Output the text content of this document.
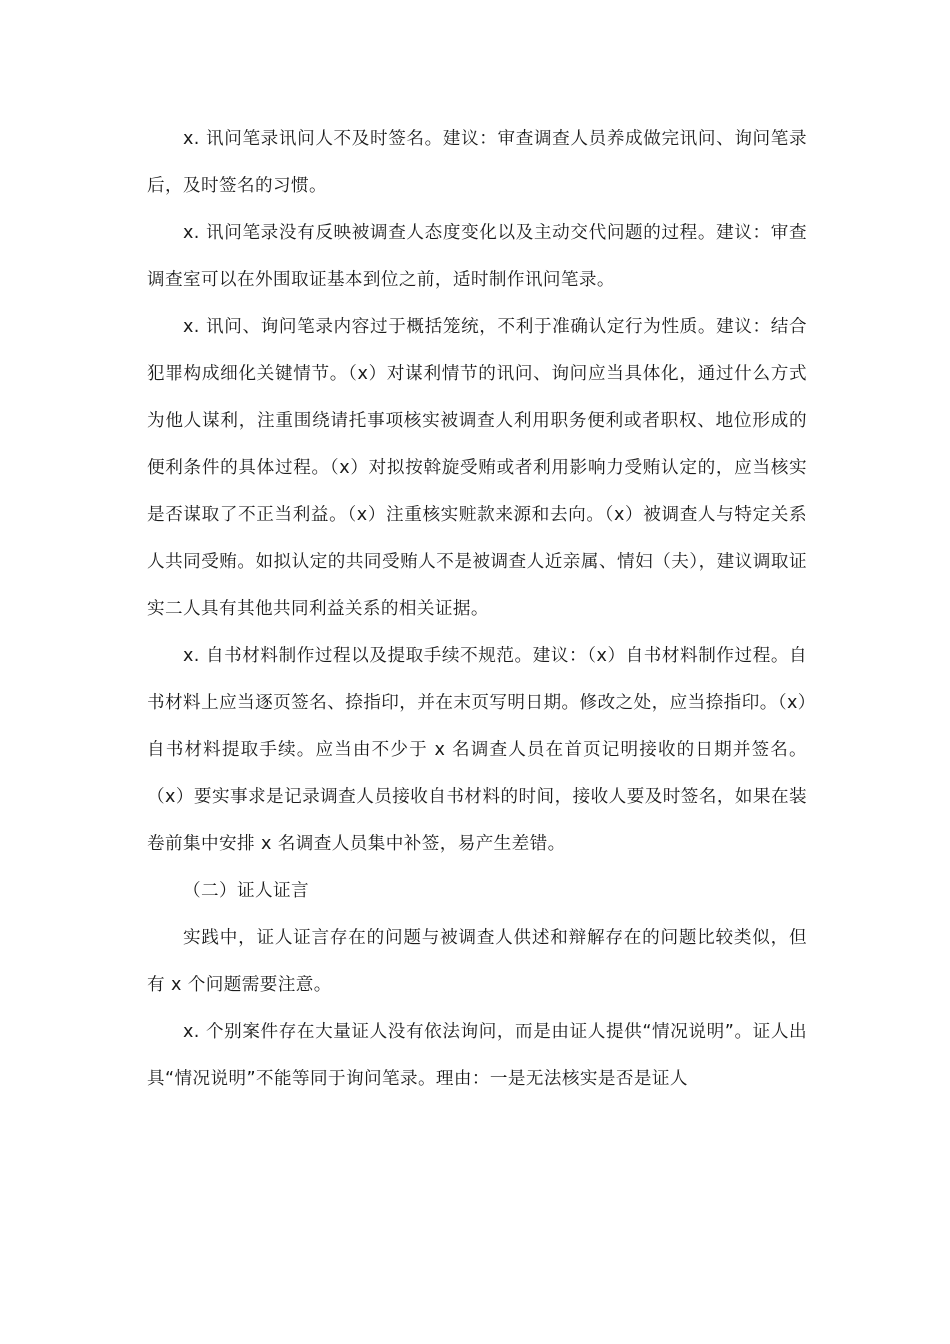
x. 讯问笔录讯问人不及时签名。建议：审查调查人员养成做完讯问、询问笔录后，及时签名的习惯。

x. 讯问笔录没有反映被调查人态度变化以及主动交代问题的过程。建议：审查调查室可以在外围取证基本到位之前，适时制作讯问笔录。

x. 讯问、询问笔录内容过于概括笼统，不利于准确认定行为性质。建议：结合犯罪构成细化关键情节。（x）对谋利情节的讯问、询问应当具体化，通过什么方式为他人谋利，注重围绕请托事项核实被调查人利用职务便利或者职权、地位形成的便利条件的具体过程。（x）对拟按斡旋受贿或者利用影响力受贿认定的，应当核实是否谋取了不正当利益。（x）注重核实赃款来源和去向。（x）被调查人与特定关系人共同受贿。如拟认定的共同受贿人不是被调查人近亲属、情妇（夫），建议调取证实二人具有其他共同利益关系的相关证据。

x. 自书材料制作过程以及提取手续不规范。建议：（x）自书材料制作过程。自书材料上应当逐页签名、捺指印，并在末页写明日期。修改之处，应当捺指印。（x）自书材料提取手续。应当由不少于 x 名调查人员在首页记明接收的日期并签名。（x）要实事求是记录调查人员接收自书材料的时间，接收人要及时签名，如果在装卷前集中安排 x 名调查人员集中补签，易产生差错。

（二）证人证言

实践中，证人证言存在的问题与被调查人供述和辩解存在的问题比较类似，但有 x 个问题需要注意。

x. 个别案件存在大量证人没有依法询问，而是由证人提供“情况说明”。证人出具“情况说明”不能等同于询问笔录。理由：一是无法核实是否是证人
